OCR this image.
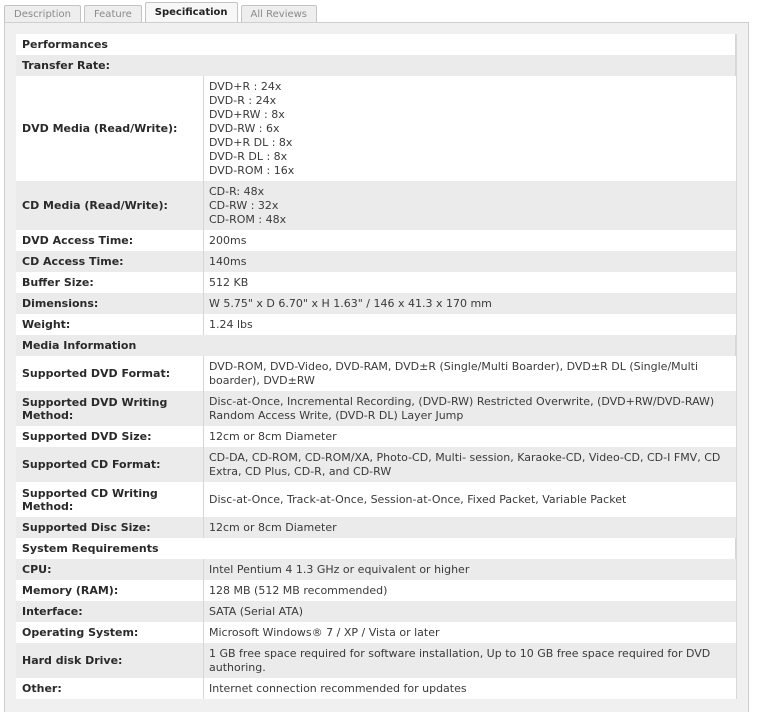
Description	Feature	Specification	All Reviews
Performances
Transfer Rate:
DVD Media (Read/Write):
DVD+R : 24x
DVD-R : 24x
DVD+RW : 8x
DVD-RW : 6x
DVD+R DL : 8x
DVD-R DL : 8x
DVD-ROM : 16x
CD Media (Read/Write):
CD-R: 48x
CD-RW : 32x
CD-ROM : 48x
DVD Access Time:	200ms
CD Access Time:	140ms
Buffer Size:	512 KB
Dimensions:	W 5.75" x D 6.70" x H 1.63" / 146 x 41.3 x 170 mm
Weight:	1.24 lbs
Media Information
Supported DVD Format:
DVD-ROM, DVD-Video, DVD-RAM, DVD±R (Single/Multi Boarder), DVD±R DL (Single/Multi boarder), DVD±RW
Supported DVD Writing Method:
Disc-at-Once, Incremental Recording, (DVD-RW) Restricted Overwrite, (DVD+RW/DVD-RAW) Random Access Write, (DVD-R DL) Layer Jump
Supported DVD Size:	12cm or 8cm Diameter
Supported CD Format:
CD-DA, CD-ROM, CD-ROM/XA, Photo-CD, Multi- session, Karaoke-CD, Video-CD, CD-I FMV, CD Extra, CD Plus, CD-R, and CD-RW
Supported CD Writing Method:
Disc-at-Once, Track-at-Once, Session-at-Once, Fixed Packet, Variable Packet
Supported Disc Size:	12cm or 8cm Diameter
System Requirements
CPU:	Intel Pentium 4 1.3 GHz or equivalent or higher
Memory (RAM):	128 MB (512 MB recommended)
Interface:	SATA (Serial ATA)
Operating System:	Microsoft Windows® 7 / XP / Vista or later
Hard disk Drive:
1 GB free space required for software installation, Up to 10 GB free space required for DVD authoring.
Other:	Internet connection recommended for updates
